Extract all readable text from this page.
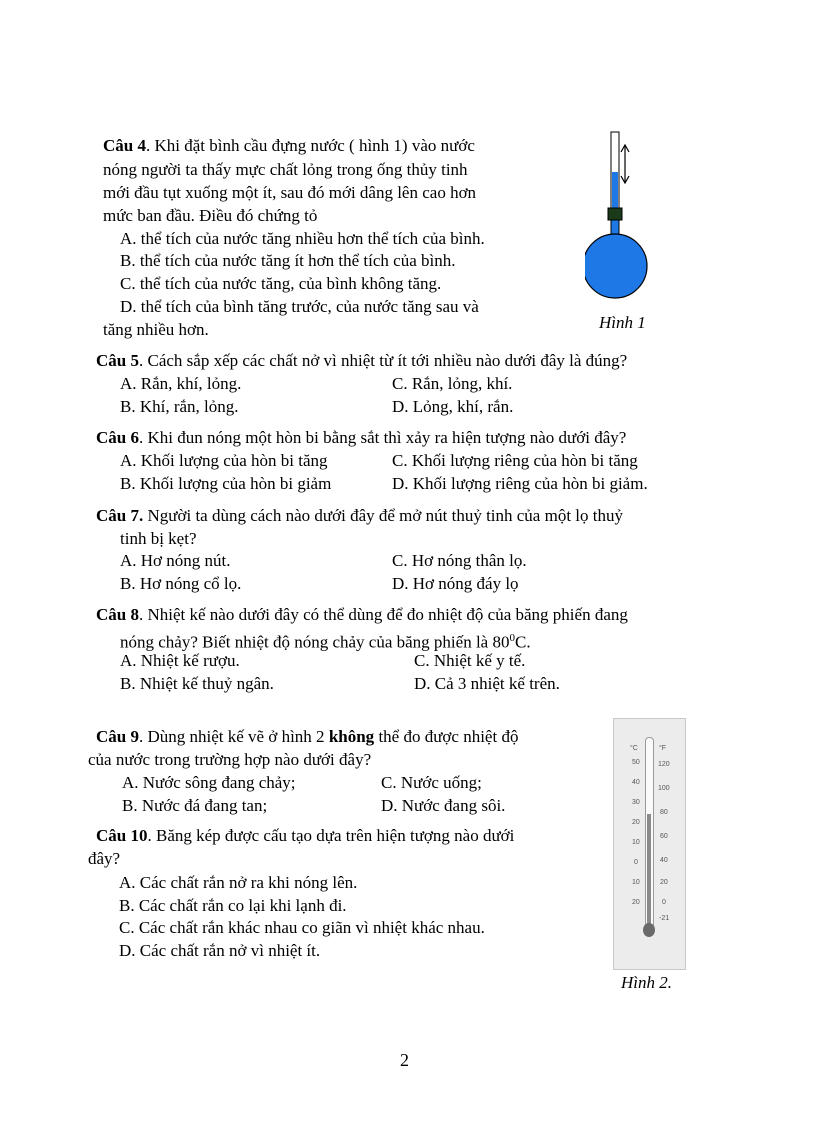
Câu 4. Khi đặt bình cầu đựng nước ( hình 1) vào nước
nóng người ta thấy mực chất lỏng trong ống thủy tinh
mới đầu tụt xuống một ít, sau đó mới dâng lên cao hơn
mức ban đầu. Điều đó chứng tỏ
A. thể tích của nước tăng nhiều hơn thể tích của bình.
B. thể tích của nước tăng ít hơn thể tích của bình.
C. thể tích của nước tăng, của bình không tăng.
D. thể tích của bình tăng trước, của nước tăng sau và
tăng nhiều hơn.	Hình 1
Câu 5. Cách sắp xếp các chất nở vì nhiệt từ ít tới nhiều nào dưới đây là đúng?
A. Rắn, khí, lỏng.	C. Rắn, lỏng, khí.
B. Khí, rắn, lỏng.	D. Lỏng, khí, rắn.
Câu 6. Khi đun nóng một hòn bi bằng sắt thì xảy ra hiện tượng nào dưới đây?
A. Khối lượng của hòn bi tăng	C. Khối lượng riêng của hòn bi tăng
B. Khối lượng của hòn bi giảm	D. Khối lượng riêng của hòn bi giảm.
Câu 7. Người ta dùng cách nào dưới đây để mở nút thuỷ tinh của một lọ thuỷ
tinh bị kẹt?
A. Hơ nóng nút.	C. Hơ nóng thân lọ.
B. Hơ nóng cổ lọ.	D. Hơ nóng đáy lọ
Câu 8. Nhiệt kế nào dưới đây có thể dùng để đo nhiệt độ của băng phiến đang
nóng chảy? Biết nhiệt độ nóng chảy của băng phiến là $80^0C$.
A. Nhiệt kế rượu.	C. Nhiệt kế y tế.
B. Nhiệt kế thuỷ ngân.	D. Cả 3 nhiệt kế trên.
Câu 9. Dùng nhiệt kế vẽ ở hình 2 không thể đo được nhiệt độ
của nước trong trường hợp nào dưới đây?
A. Nước sông đang chảy;	C. Nước uống;
B. Nước đá đang tan;	D. Nước đang sôi.
Câu 10. Băng kép được cấu tạo dựa trên hiện tượng nào dưới
đây?
A. Các chất rắn nở ra khi nóng lên.
B. Các chất rắn co lại khi lạnh đi.
C. Các chất rắn khác nhau co giãn vì nhiệt khác nhau.
D. Các chất rắn nở vì nhiệt ít.
°C	°F
50
40
30
20
10
0
10
20
120
100
80
60
40
20
0
-21
Hình 2.
2
